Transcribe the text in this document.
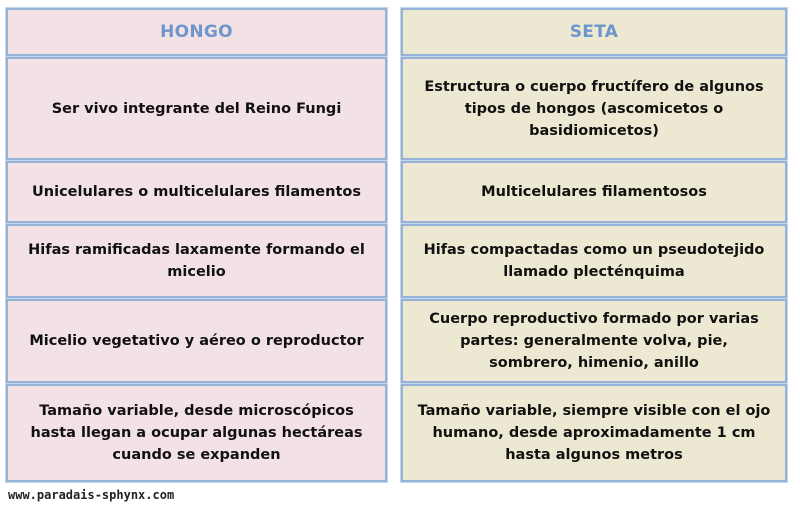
HONGO
Ser vivo integrante del Reino Fungi
Unicelulares o multicelulares filamentos
Hifas ramificadas laxamente formando el micelio
Micelio vegetativo y aéreo o reproductor
Tamaño variable, desde microscópicos hasta llegan a ocupar algunas hectáreas cuando se expanden
SETA
Estructura o cuerpo fructífero de algunos tipos de hongos (ascomicetos o basidiomicetos)
Multicelulares filamentosos
Hifas compactadas como un pseudotejido llamado plecténquima
Cuerpo reproductivo formado por varias partes: generalmente volva, pie, sombrero, himenio, anillo
Tamaño variable, siempre visible con el ojo humano, desde aproximadamente 1 cm hasta algunos metros
www.paradais-sphynx.com
